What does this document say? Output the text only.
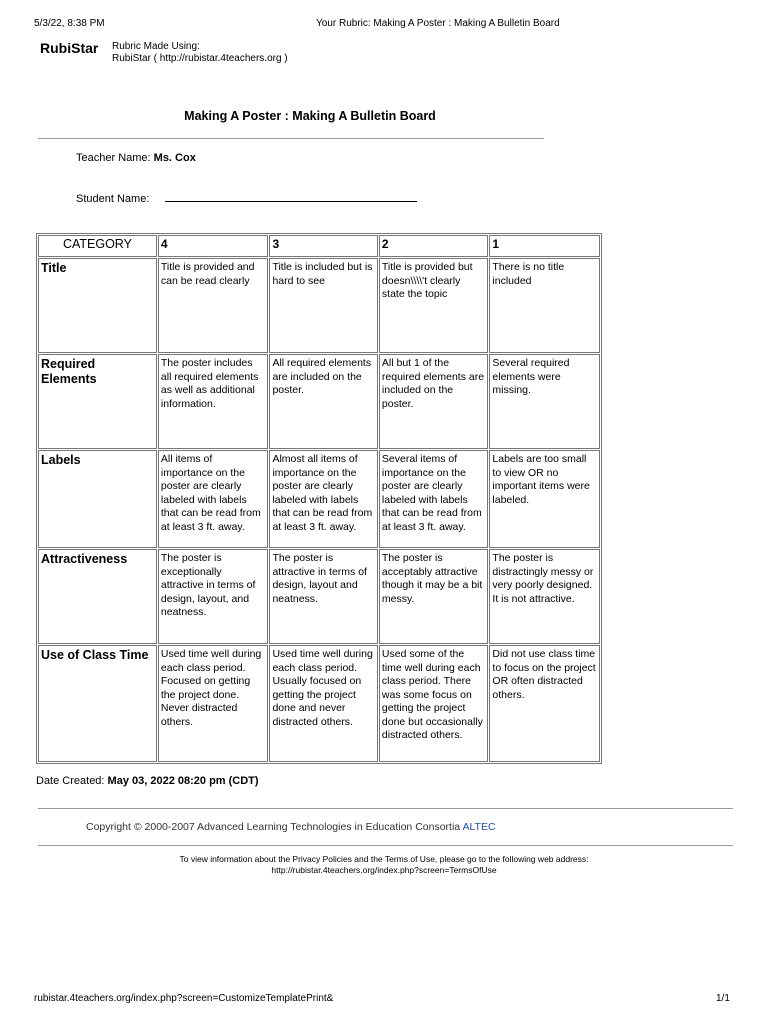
5/3/22, 8:38 PM	Your Rubric: Making A Poster : Making A Bulletin Board
RubiStar Rubric Made Using:
RubiStar ( http://rubistar.4teachers.org )
Making A Poster : Making A Bulletin Board
Teacher Name: Ms. Cox
Student Name:
CATEGORY	4	3	2	1
Title	Title is provided and can be read clearly	Title is included but is hard to see	Title is provided but doesn\\\\'t clearly state the topic	There is no title included
Required Elements	The poster includes all required elements as well as additional information.	All required elements are included on the poster.	All but 1 of the required elements are included on the poster.	Several required elements were missing.
Labels	All items of importance on the poster are clearly labeled with labels that can be read from at least 3 ft. away.	Almost all items of importance on the poster are clearly labeled with labels that can be read from at least 3 ft. away.	Several items of importance on the poster are clearly labeled with labels that can be read from at least 3 ft. away.	Labels are too small to view OR no important items were labeled.
Attractiveness	The poster is exceptionally attractive in terms of design, layout, and neatness.	The poster is attractive in terms of design, layout and neatness.	The poster is acceptably attractive though it may be a bit messy.	The poster is distractingly messy or very poorly designed. It is not attractive.
Use of Class Time	Used time well during each class period. Focused on getting the project done. Never distracted others.	Used time well during each class period. Usually focused on getting the project done and never distracted others.	Used some of the time well during each class period. There was some focus on getting the project done but occasionally distracted others.	Did not use class time to focus on the project OR often distracted others.
Date Created: May 03, 2022 08:20 pm (CDT)
Copyright © 2000-2007 Advanced Learning Technologies in Education Consortia ALTEC
To view information about the Privacy Policies and the Terms of Use, please go to the following web address:
http://rubistar.4teachers.org/index.php?screen=TermsOfUse
rubistar.4teachers.org/index.php?screen=CustomizeTemplatePrint&	1/1
